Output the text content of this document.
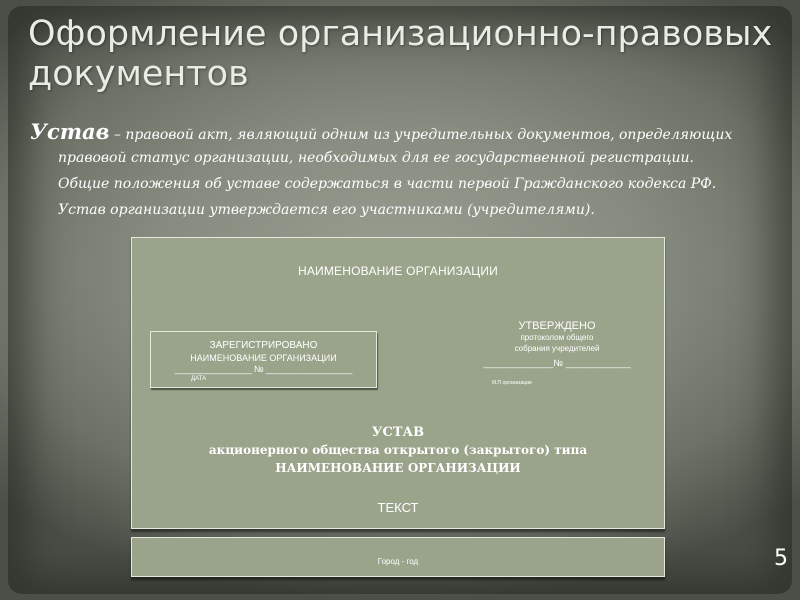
Оформление организационно-правовых документов

Устав – правовой акт, являющий одним из учредительных документов, определяющих правовой статус организации, необходимых для ее государственной регистрации.

Общие положения об уставе содержаться в части первой Гражданского кодекса РФ.

Устав организации утверждается его участниками (учредителями).

НАИМЕНОВАНИЕ ОРГАНИЗАЦИИ
ЗАРЕГИСТРИРОВАНО
НАИМЕНОВАНИЕ ОРГАНИЗАЦИИ
________________ № __________________
ДАТА
УТВЕРЖДЕНО
протоколом общего
собрания учредителей
______________№ _____________
М.П организации
УСТАВ
акционерного общества открытого (закрытого) типа
НАИМЕНОВАНИЕ ОРГАНИЗАЦИИ
ТЕКСТ
Город - год	5
